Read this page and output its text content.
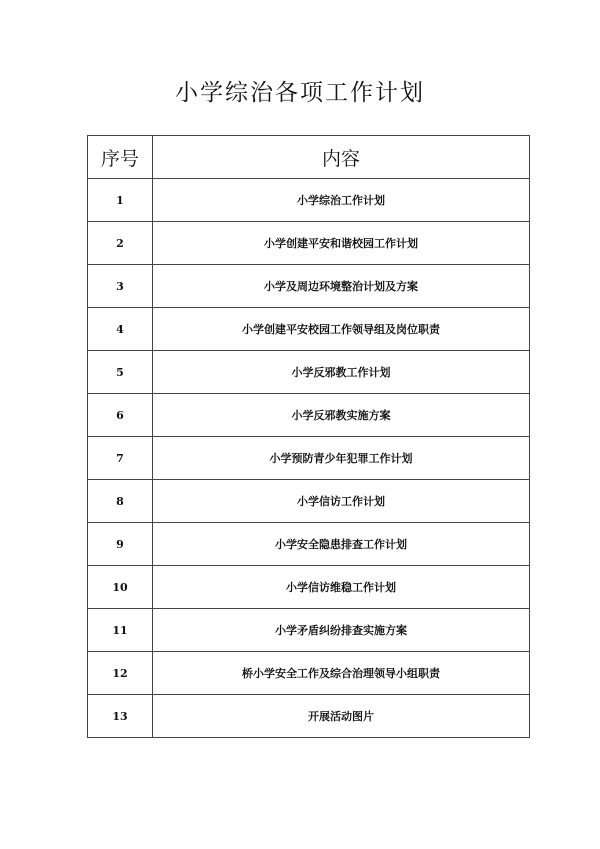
小学综治各项工作计划
序号	内容
1	小学综治工作计划
2	小学创建平安和谐校园工作计划
3	小学及周边环境整治计划及方案
4	小学创建平安校园工作领导组及岗位职责
5	小学反邪教工作计划
6	小学反邪教实施方案
7	小学预防青少年犯罪工作计划
8	小学信访工作计划
9	小学安全隐患排查工作计划
10	小学信访维稳工作计划
11	小学矛盾纠纷排查实施方案
12	桥小学安全工作及综合治理领导小组职责
13	开展活动图片
